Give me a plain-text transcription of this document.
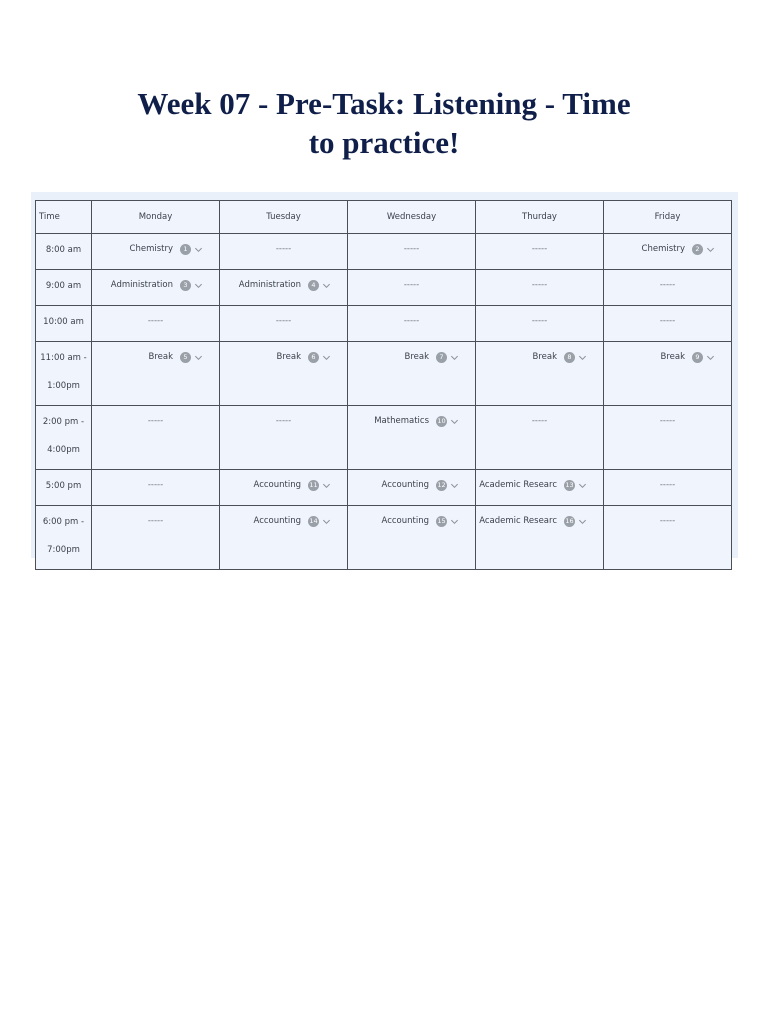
Week 07 - Pre-Task: Listening - Time
to practice!
Time	Monday	Tuesday	Wednesday	Thurday	Friday

8:00 am	Chemistry 1	-----	-----	-----	Chemistry 2

9:00 am	Administration 3	Administration 4	-----	-----	-----

10:00 am	-----	-----	-----	-----	-----

11:00 am -
1:00pm	Break 5	Break 6	Break 7	Break 8	Break 9

2:00 pm -
4:00pm	-----	-----	Mathematics 10	-----	-----

5:00 pm	-----	Accounting 11	Accounting 12	Academic Researc 13	-----

6:00 pm -
7:00pm	-----	Accounting 14	Accounting 15	Academic Researc 16	-----
